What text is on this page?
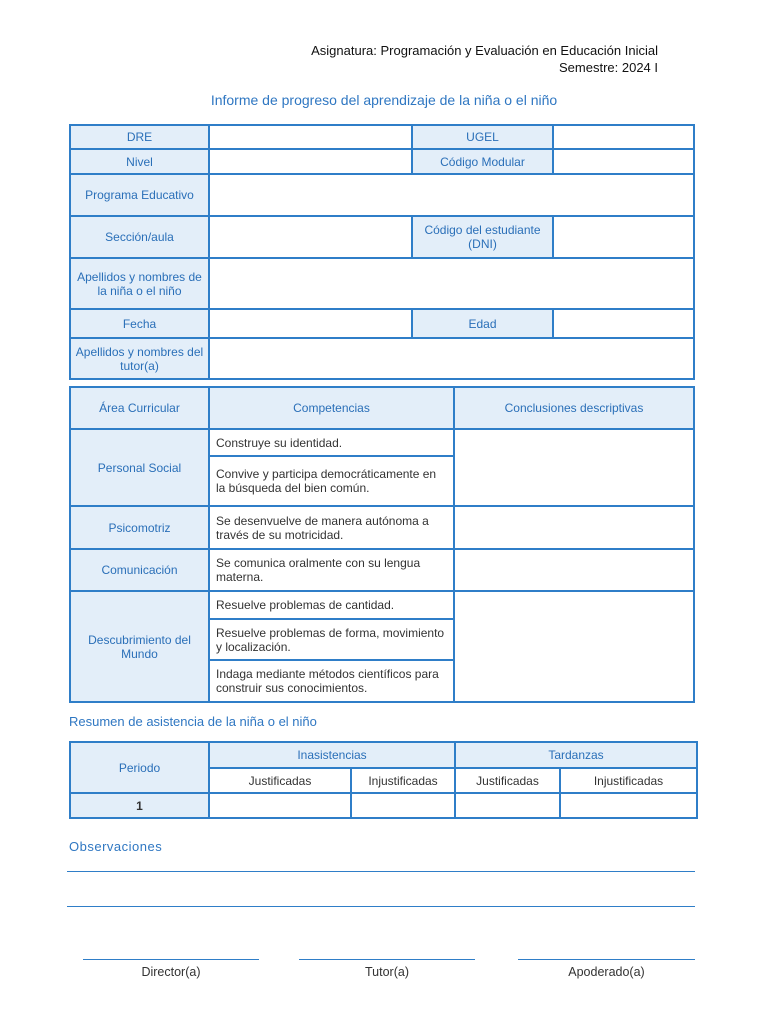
Asignatura: Programación y Evaluación en Educación Inicial
Semestre: 2024 I
Informe de progreso del aprendizaje de la niña o el niño
DRE		UGEL	
Nivel		Código Modular	
Programa Educativo			
Sección/aula		Código del estudiante (DNI)	
Apellidos y nombres de la niña o el niño			
Fecha		Edad	
Apellidos y nombres del tutor(a)			
Área Curricular	Competencias	Conclusiones descriptivas
Personal Social	Construye su identidad.	
	Convive y participa democráticamente en la búsqueda del bien común.	
Psicomotriz	Se desenvuelve de manera autónoma a través de su motricidad.	
Comunicación	Se comunica oralmente con su lengua materna.	
Descubrimiento del Mundo	Resuelve problemas de cantidad.	
	Resuelve problemas de forma, movimiento y localización.	
	Indaga mediante métodos científicos para construir sus conocimientos.	
Resumen de asistencia de la niña o el niño
Periodo	Inasistencias		Tardanzas	
	Justificadas	Injustificadas	Justificadas	Injustificadas
1				
Observaciones
Director(a)	Tutor(a)	Apoderado(a)
